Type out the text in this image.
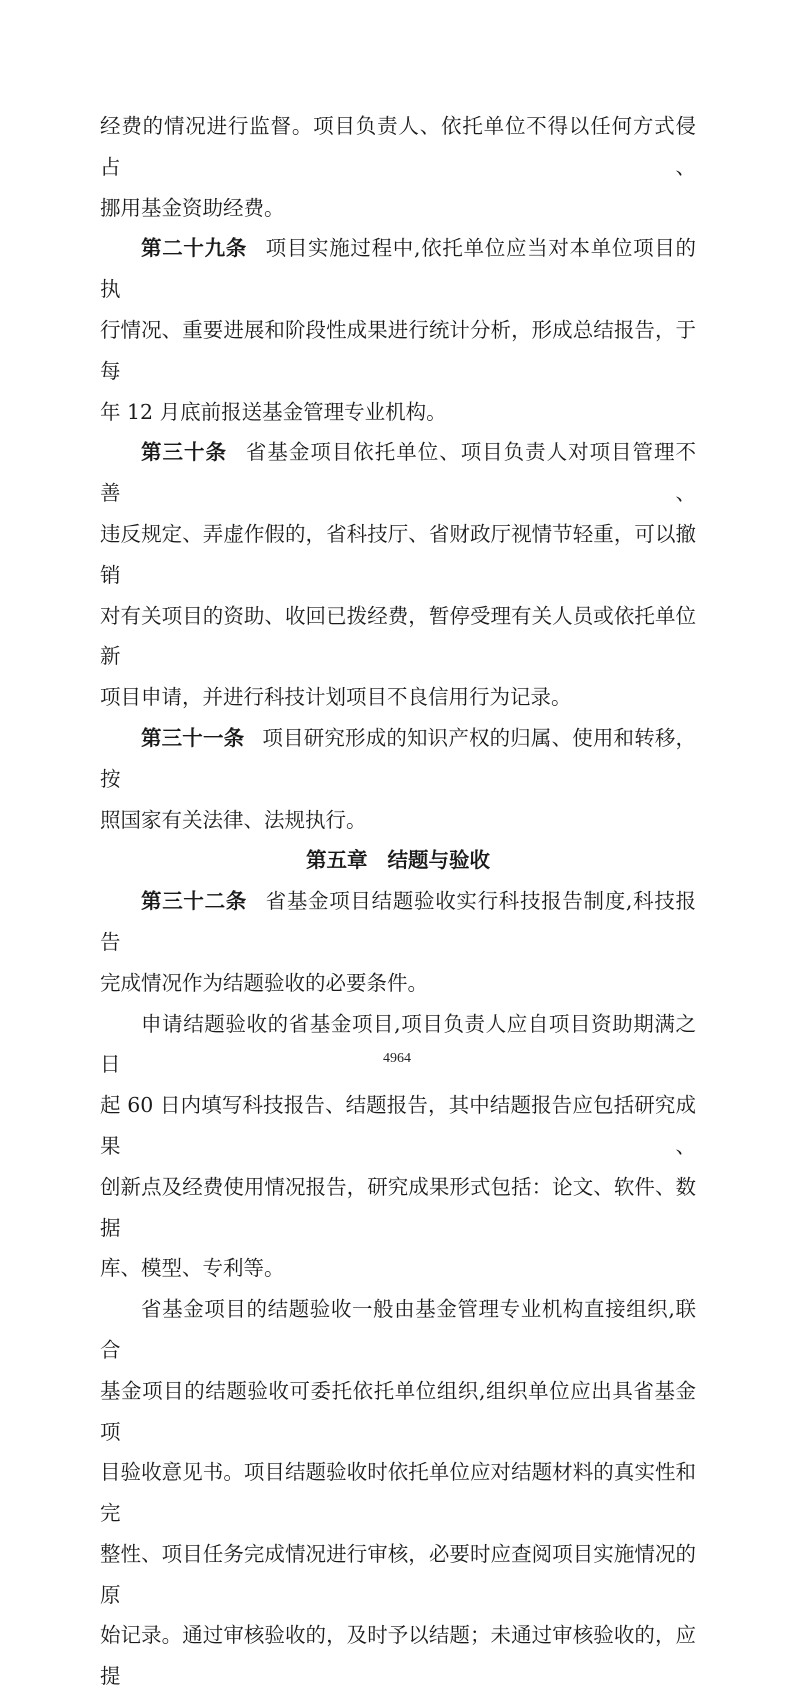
经费的情况进行监督。项目负责人、依托单位不得以任何方式侵占、

挪用基金资助经费。

第二十九条 项目实施过程中,依托单位应当对本单位项目的执

行情况、重要进展和阶段性成果进行统计分析，形成总结报告，于每

年 12 月底前报送基金管理专业机构。

第三十条 省基金项目依托单位、项目负责人对项目管理不善、

违反规定、弄虚作假的，省科技厅、省财政厅视情节轻重，可以撤销

对有关项目的资助、收回已拨经费，暂停受理有关人员或依托单位新

项目申请，并进行科技计划项目不良信用行为记录。

第三十一条 项目研究形成的知识产权的归属、使用和转移，按

照国家有关法律、法规执行。

第五章 结题与验收

第三十二条 省基金项目结题验收实行科技报告制度,科技报告

完成情况作为结题验收的必要条件。

申请结题验收的省基金项目,项目负责人应自项目资助期满之日

起 60 日内填写科技报告、结题报告，其中结题报告应包括研究成果、

创新点及经费使用情况报告，研究成果形式包括：论文、软件、数据

库、模型、专利等。

省基金项目的结题验收一般由基金管理专业机构直接组织,联合

基金项目的结题验收可委托依托单位组织,组织单位应出具省基金项

目验收意见书。项目结题验收时依托单位应对结题材料的真实性和完

整性、项目任务完成情况进行审核，必要时应查阅项目实施情况的原

始记录。通过审核验收的，及时予以结题；未通过审核验收的，应提

4964
